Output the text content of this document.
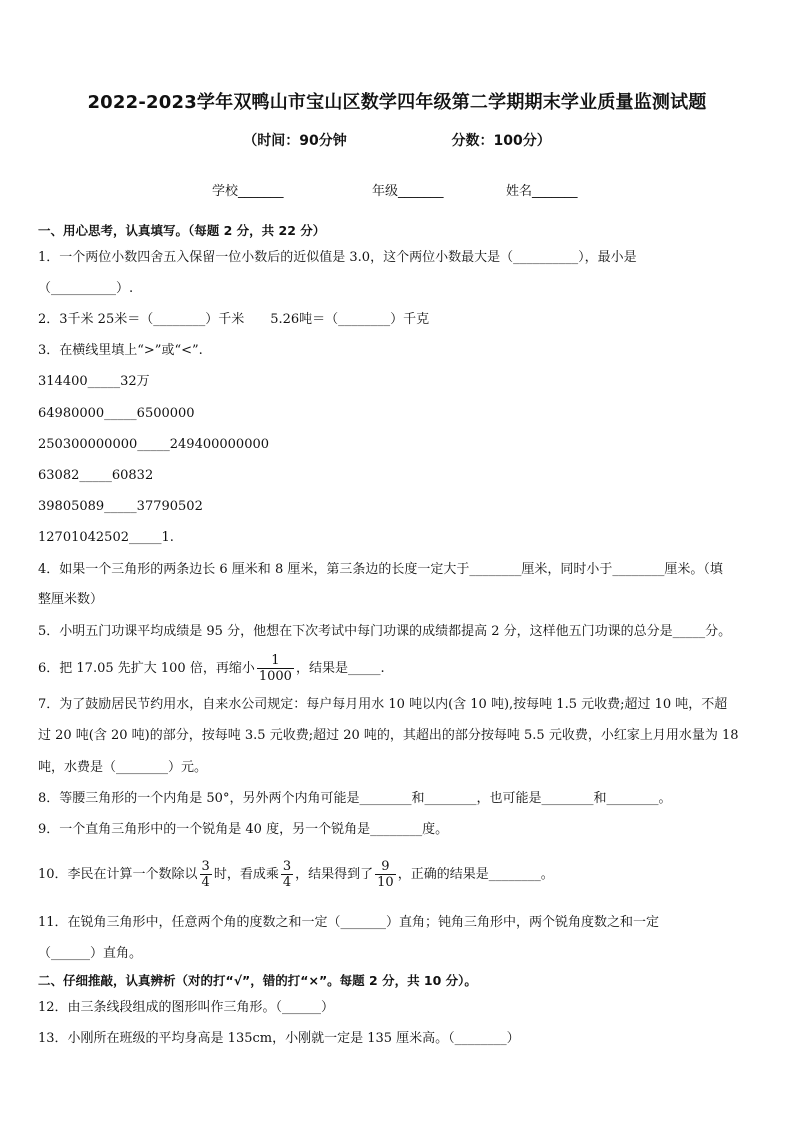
2022-2023学年双鸭山市宝山区数学四年级第二学期期末学业质量监测试题
（时间：90分钟	分数：100分）
学校_______	年级_______	姓名_______
一、用心思考，认真填写。（每题 2 分，共 22 分）
1．一个两位小数四舍五入保留一位小数后的近似值是 3.0，这个两位小数最大是（__________），最小是
（__________）.
2．3千米 25米＝（________）千米　　5.26吨＝（________）千克
3．在横线里填上“>”或“<”.
314400_____32万
64980000_____6500000
250300000000_____249400000000
63082_____60832
39805089_____37790502
12701042502_____1.
4．如果一个三角形的两条边长 6 厘米和 8 厘米，第三条边的长度一定大于________厘米，同时小于________厘米。（填
整厘米数）
5．小明五门功课平均成绩是 95 分，他想在下次考试中每门功课的成绩都提高 2 分，这样他五门功课的总分是_____分。
6．把 17.05 先扩大 100 倍，再缩小 $\frac{1}{1000}$ ，结果是_____.
7．为了鼓励居民节约用水，自来水公司规定：每户每月用水 10 吨以内(含 10 吨),按每吨 1.5 元收费;超过 10 吨，不超
过 20 吨(含 20 吨)的部分，按每吨 3.5 元收费;超过 20 吨的，其超出的部分按每吨 5.5 元收费，小红家上月用水量为 18
吨，水费是（________）元。
8．等腰三角形的一个内角是 50°，另外两个内角可能是________和________，也可能是________和________。
9．一个直角三角形中的一个锐角是 40 度，另一个锐角是________度。
10．李民在计算一个数除以 $\frac{3}{4}$ 时，看成乘 $\frac{3}{4}$ ，结果得到了 $\frac{9}{10}$ ，正确的结果是________。
11．在锐角三角形中，任意两个角的度数之和一定（_______）直角；钝角三角形中，两个锐角度数之和一定
（______）直角。
二、仔细推敲，认真辨析（对的打“√”，错的打“×”。每题 2 分，共 10 分）。
12．由三条线段组成的图形叫作三角形。（______）
13．小刚所在班级的平均身高是 135cm，小刚就一定是 135 厘米高。（________）
